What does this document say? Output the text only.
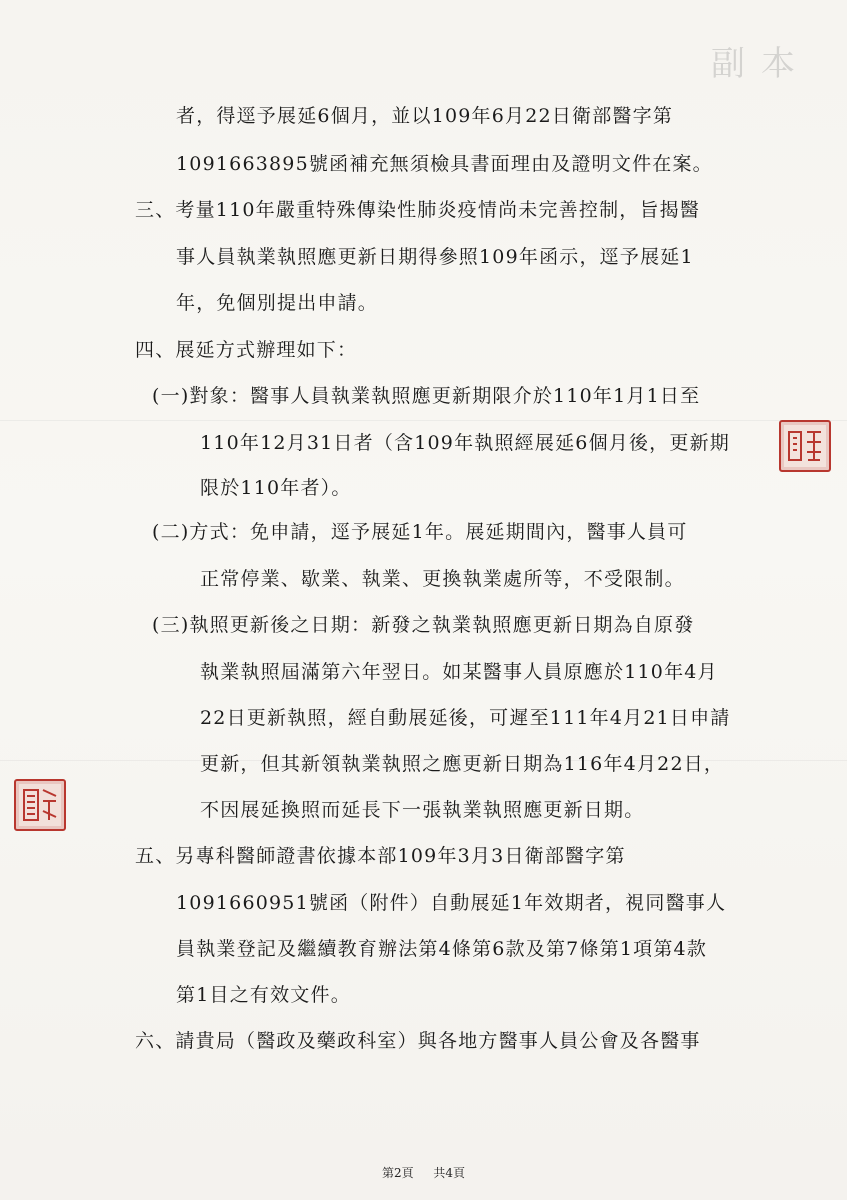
副本
者，得逕予展延6個月，並以109年6月22日衛部醫字第
1091663895號函補充無須檢具書面理由及證明文件在案。
三、考量110年嚴重特殊傳染性肺炎疫情尚未完善控制，旨揭醫
事人員執業執照應更新日期得參照109年函示，逕予展延1
年，免個別提出申請。
四、展延方式辦理如下：
(一)對象：醫事人員執業執照應更新期限介於110年1月1日至
110年12月31日者（含109年執照經展延6個月後，更新期
限於110年者）。
(二)方式：免申請，逕予展延1年。展延期間內，醫事人員可
正常停業、歇業、執業、更換執業處所等，不受限制。
(三)執照更新後之日期：新發之執業執照應更新日期為自原發
執業執照屆滿第六年翌日。如某醫事人員原應於110年4月
22日更新執照，經自動展延後，可遲至111年4月21日申請
更新，但其新領執業執照之應更新日期為116年4月22日，
不因展延換照而延長下一張執業執照應更新日期。
五、另專科醫師證書依據本部109年3月3日衛部醫字第
1091660951號函（附件）自動展延1年效期者，視同醫事人
員執業登記及繼續教育辦法第4條第6款及第7條第1項第4款
第1目之有效文件。
六、請貴局（醫政及藥政科室）與各地方醫事人員公會及各醫事
第2頁 共4頁
